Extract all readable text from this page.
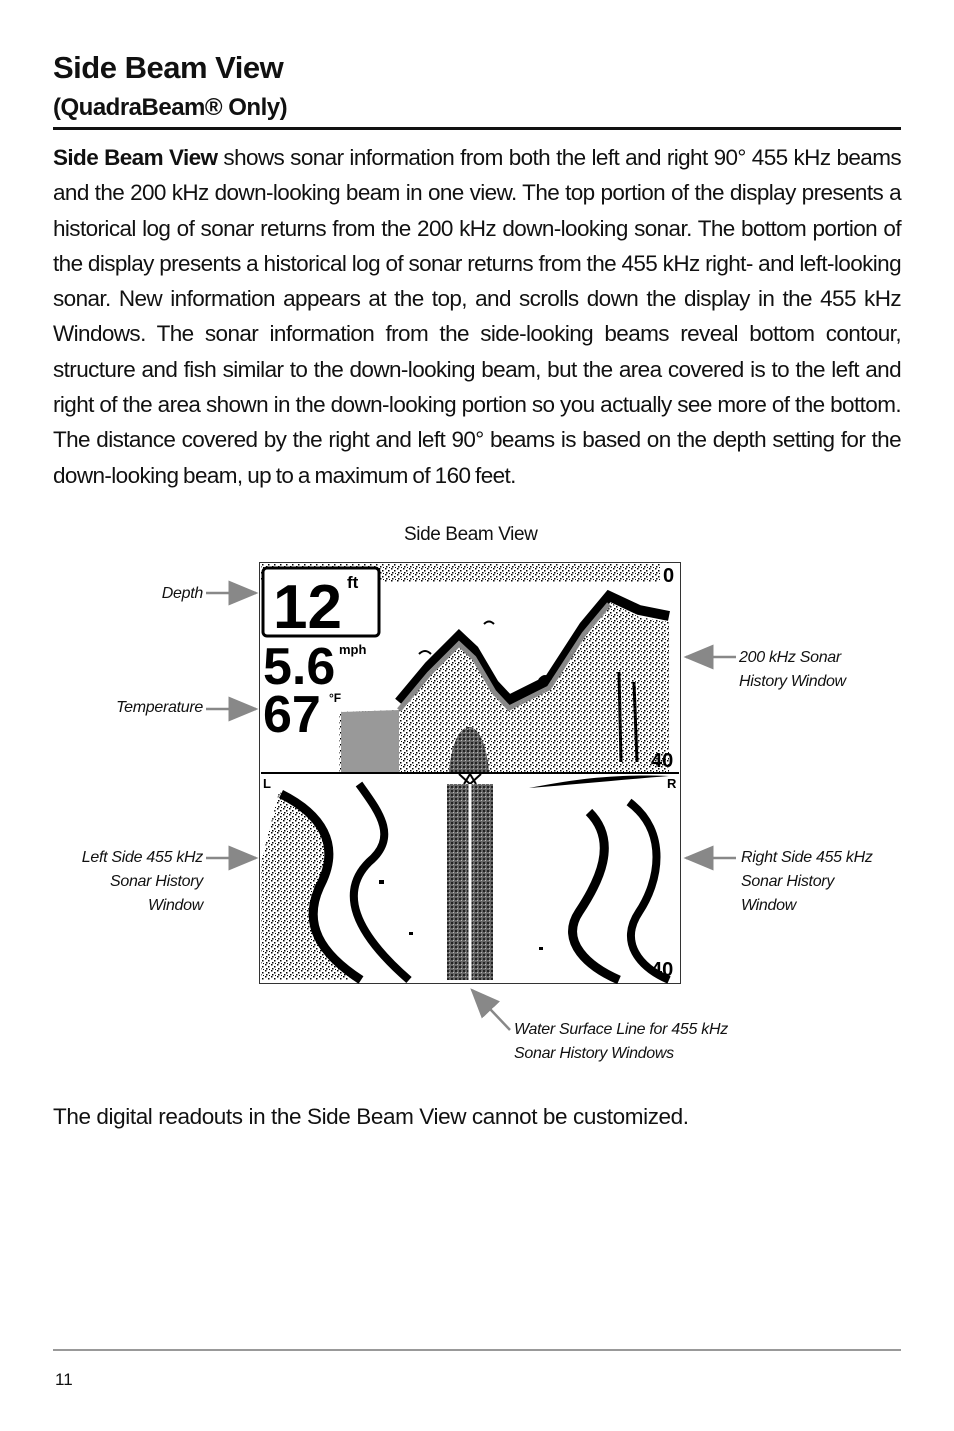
Side Beam View
(QuadraBeam® Only)
Side Beam View shows sonar information from both the left and right 90° 455 kHz beams and the 200 kHz down-looking beam in one view. The top portion of the display presents a historical log of sonar returns from the 200 kHz down-looking sonar. The bottom portion of the display presents a historical log of sonar returns from the 455 kHz right- and left-looking sonar. New information appears at the top, and scrolls down the display in the 455 kHz Windows. The sonar information from the side-looking beams reveal bottom contour, structure and fish similar to the down-looking beam, but the area covered is to the left and right of the area shown in the down-looking portion so you actually see more of the bottom. The distance covered by the right and left 90° beams is based on the depth setting for the down-looking beam, up to a maximum of 160 feet.
Side Beam View
Depth
Temperature
Left Side 455 kHz
Sonar History
Window
Right Side 455 kHz
Sonar History
Window
200 kHz Sonar
History Window
Water Surface Line for 455 kHz
Sonar History Windows
12 ft
5.6 mph
67 °F
0
40
L	R
40
The digital readouts in the Side Beam View cannot be customized.
11
